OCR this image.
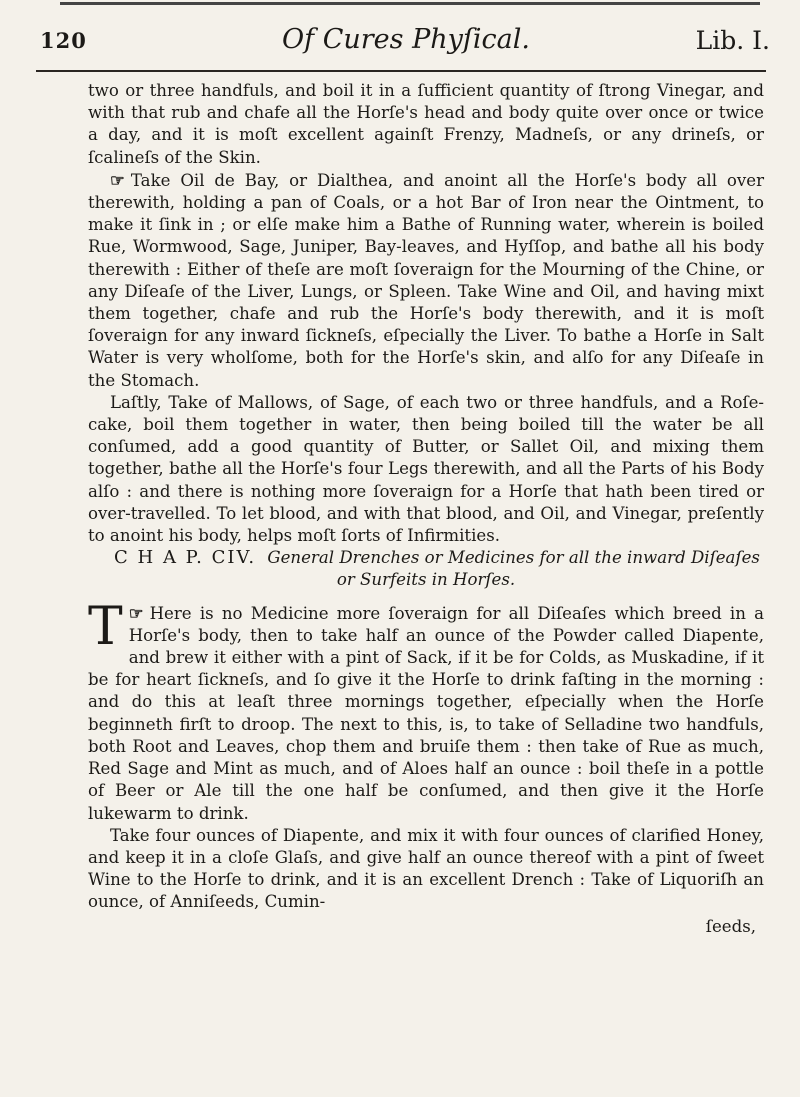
120	Of Cures Phyſical.	Lib. I.

two or three handfuls, and boil it in a ſufficient quantity of ſtrong Vinegar, and with that rub and chafe all the Horſe's head and body quite over once or twice a day, and it is moſt excellent againſt Frenzy, Madneſs, or any drineſs, or ſcalineſs of the Skin.

☞ Take Oil de Bay, or Dialthea, and anoint all the Horſe's body all over therewith, holding a pan of Coals, or a hot Bar of Iron near the Ointment, to make it ſink in ; or elſe make him a Bathe of Running water, wherein is boiled Rue, Wormwood, Sage, Juniper, Bay-leaves, and Hyſſop, and bathe all his body therewith : Either of theſe are moſt ſoveraign for the Mourning of the Chine, or any Diſeaſe of the Liver, Lungs, or Spleen. Take Wine and Oil, and having mixt them together, chafe and rub the Horſe's body therewith, and it is moſt ſoveraign for any inward ſickneſs, eſpecially the Liver. To bathe a Horſe in Salt Water is very wholſome, both for the Horſe's skin, and alſo for any Diſeaſe in the Stomach.

Laſtly, Take of Mallows, of Sage, of each two or three handfuls, and a Roſe-cake, boil them together in water, then being boiled till the water be all conſumed, add a good quantity of Butter, or Sallet Oil, and mixing them together, bathe all the Horſe's four Legs therewith, and all the Parts of his Body alſo : and there is nothing more ſoveraign for a Horſe that hath been tired or over-travelled. To let blood, and with that blood, and Oil, and Vinegar, preſently to anoint his body, helps moſt ſorts of Infirmities.

C H A P. CIV. General Drenches or Medicines for all the inward Diſeaſes or Surfeits in Horſes.

☞
T Here is no Medicine more ſoveraign for all Diſeaſes which breed in a Horſe's body, then to take half an ounce of the Powder called Diapente, and brew it either with a pint of Sack, if it be for Colds, as Muskadine, if it be for heart ſickneſs, and ſo give it the Horſe to drink faſting in the morning : and do this at leaſt three mornings together, eſpecially when the Horſe beginneth firſt to droop. The next to this, is, to take of Selladine two handfuls, both Root and Leaves, chop them and bruiſe them : then take of Rue as much, Red Sage and Mint as much, and of Aloes half an ounce : boil theſe in a pottle of Beer or Ale till the one half be conſumed, and then give it the Horſe lukewarm to drink.

Take four ounces of Diapente, and mix it with four ounces of clarified Honey, and keep it in a cloſe Glaſs, and give half an ounce thereof with a pint of ſweet Wine to the Horſe to drink, and it is an excellent Drench : Take of Liquoriſh an ounce, of Anniſeeds, Cumin-

ſeeds,
